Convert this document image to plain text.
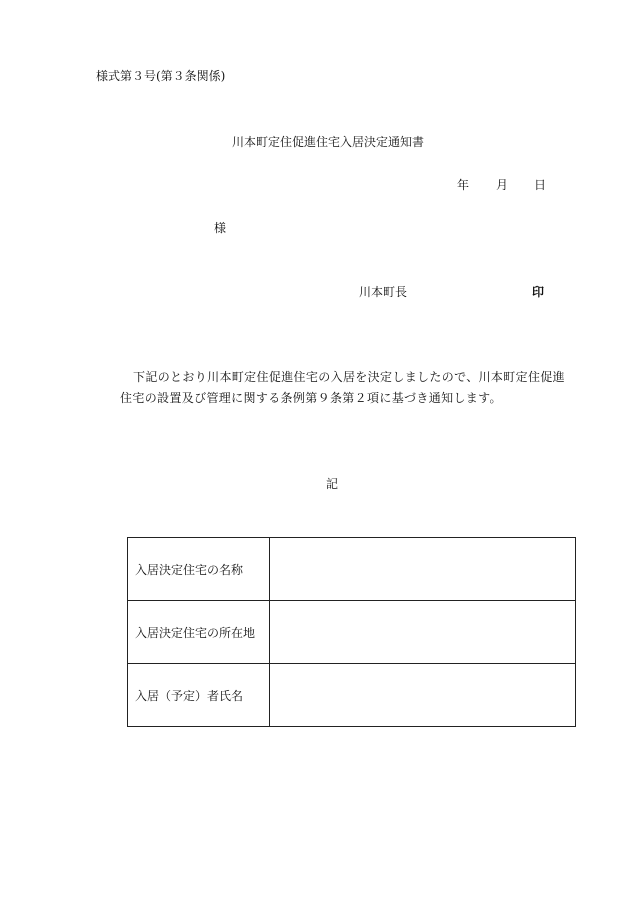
様式第３号(第３条関係)
川本町定住促進住宅入居決定通知書
年 月 日
様
川本町長	印
下記のとおり川本町定住促進住宅の入居を決定しましたので、川本町定住促進
住宅の設置及び管理に関する条例第９条第２項に基づき通知します。
記
入居決定住宅の名称	
入居決定住宅の所在地	
入居（予定）者氏名	
